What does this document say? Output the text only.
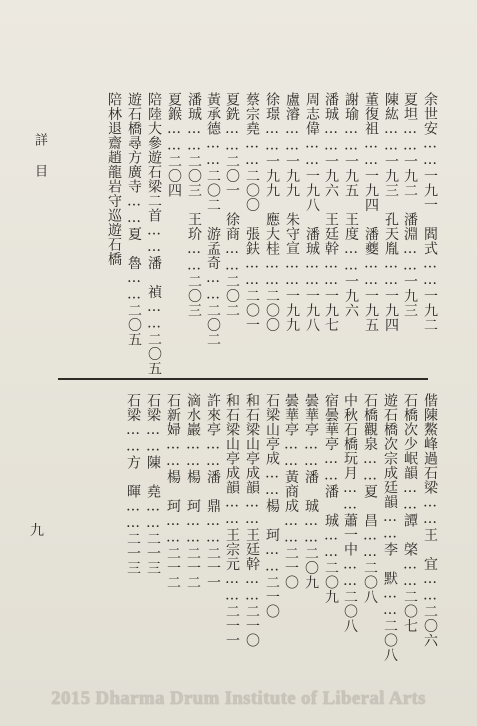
詳目	余世安……一九一　閻式……一九二
夏坦……一九二　潘淵……一九三
陳紘……一九三　孔天胤……一九四
董復祖……一九四　潘夔……一九五
謝瑜……一九五　王度……一九六
潘珹……一九六　王廷幹……一九七
周志偉……一九八　潘珹……一九八
盧濬……一九九　朱守宣……一九九
徐璟……一九九　應大桂……二〇〇
蔡宗堯……二〇〇　張鈇……二〇一
夏銑……二〇一　徐商……二〇二
黃承德……二〇二　游孟奇……二〇二
潘珹……二〇三　王玠……二〇三
夏鍭……二〇四
陪陸大參遊石梁二首……潘　禎……二〇五
遊石橋尋方廣寺……夏　魯……二〇五
陪林退齋趙龍岩守巡遊石橋
九	偕陳鰲峰過石梁……王　宜……二〇六
石橋次少岷韻……譚　棨……二〇七
遊石橋次宗成廷韻……李　默……二〇八
石橋觀泉……夏　昌……二〇八
中秋石橋玩月……蕭一中……二〇八
宿曇華亭……潘　珹……二〇九
曇華亭……潘　珹……二〇九
曇華亭……黃商成……二一〇
石梁山亭成……楊　珂……二一〇
和石梁山亭成韻……王廷幹……二一〇
和石梁山亭成韻……王宗元……二一一
許來亭……潘　鼎……二一一
滴水巖……楊　珂……二一二
石新婦……楊　珂……二一二
石梁……陳　堯……二一三
石梁……方　暉……二一三
2015 Dharma Drum Institute of Liberal Arts
